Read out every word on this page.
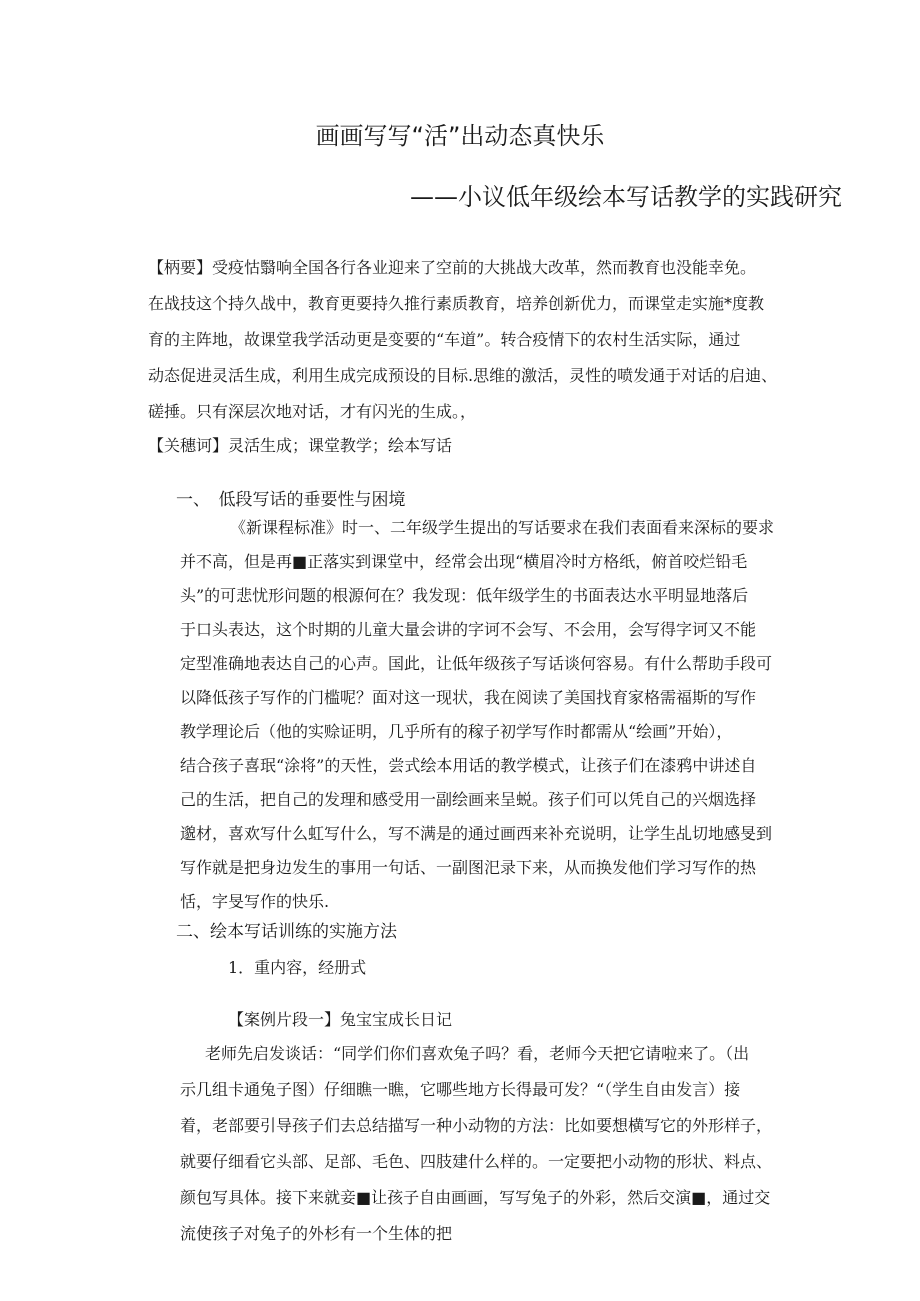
画画写写“活”出动态真快乐
——小议低年级绘本写话教学的实践研究
【柄要】受疫怙翳响全国各行各业迎来了空前的大挑战大改革，然而教育也没能幸免。
在战技这个持久战中，教育更要持久推行素质教育，培养创新优力，而课堂走实施*度教
育的主阵地，故课堂我学活动更是变要的“车道”。转合疫情下的农村生活实际，通过
动态促进灵活生成，利用生成完成预设的目标.思维的激活，灵性的喷发通于对话的启迪、
磋捶。只有深层次地对话，才有闪光的生成。，
【关穗诃】灵活生成；课堂教学；绘本写话
一、　低段写话的垂要性与困境
《新课程标准》时一、二年级学生提出的写话要求在我们表面看来深标的要求
并不高，但是再■正落实到课堂中，经常会出现“横眉冷时方格纸，俯首咬烂铅毛
头”的可悲忧形问题的根源何在？我发现：低年级学生的书面表达水平明显地落后
于口头表达，这个时期的儿童大量会讲的字诃不会写、不会用，会写得字诃又不能
定型准确地表达自己的心声。国此，让低年级孩子写话谈何容易。有什么帮助手段可
以降低孩子写作的门槛呢？面对这一现状，我在阅读了美国找育家格需福斯的写作
教学理论后（他的实赊证明，几乎所有的稼子初学写作时都需从“绘画”开始），
结合孩子喜珉“涂将”的天性，尝式绘本用话的教学模式，让孩子们在漆鸦中讲述自
己的生活，把自己的发理和感受用一副绘画来呈蜕。孩子们可以凭自己的兴烟选择
邈材，喜欢写什么虹写什么，写不满是的通过画西来补充说明，让学生乩切地感旻到
写作就是把身边发生的事用一句话、一副图汜录下来，从而换发他们学习写作的热
恬，字旻写作的快乐.
二、绘本写话训练的实施方法
1．重内容，经册式
【案例片段一】兔宝宝成长日记
老师先启发谈话：“同学们你们喜欢兔子吗？看，老师今天把它请啦来了。（出
示几组卡通兔子图）仔细瞧一瞧，它哪些地方长得最可发？“（学生自由发言）接
着，老部要引导孩子们去总结描写一种小动物的方法：比如要想横写它的外形样子，
就要仔细看它头部、足部、毛色、四肢建什么样的。一定要把小动物的形状、料点、
颜包写具体。接下来就妾■让孩子自由画画，写写兔子的外彩，然后交演■，通过交
流使孩子对兔子的外杉有一个生体的把
